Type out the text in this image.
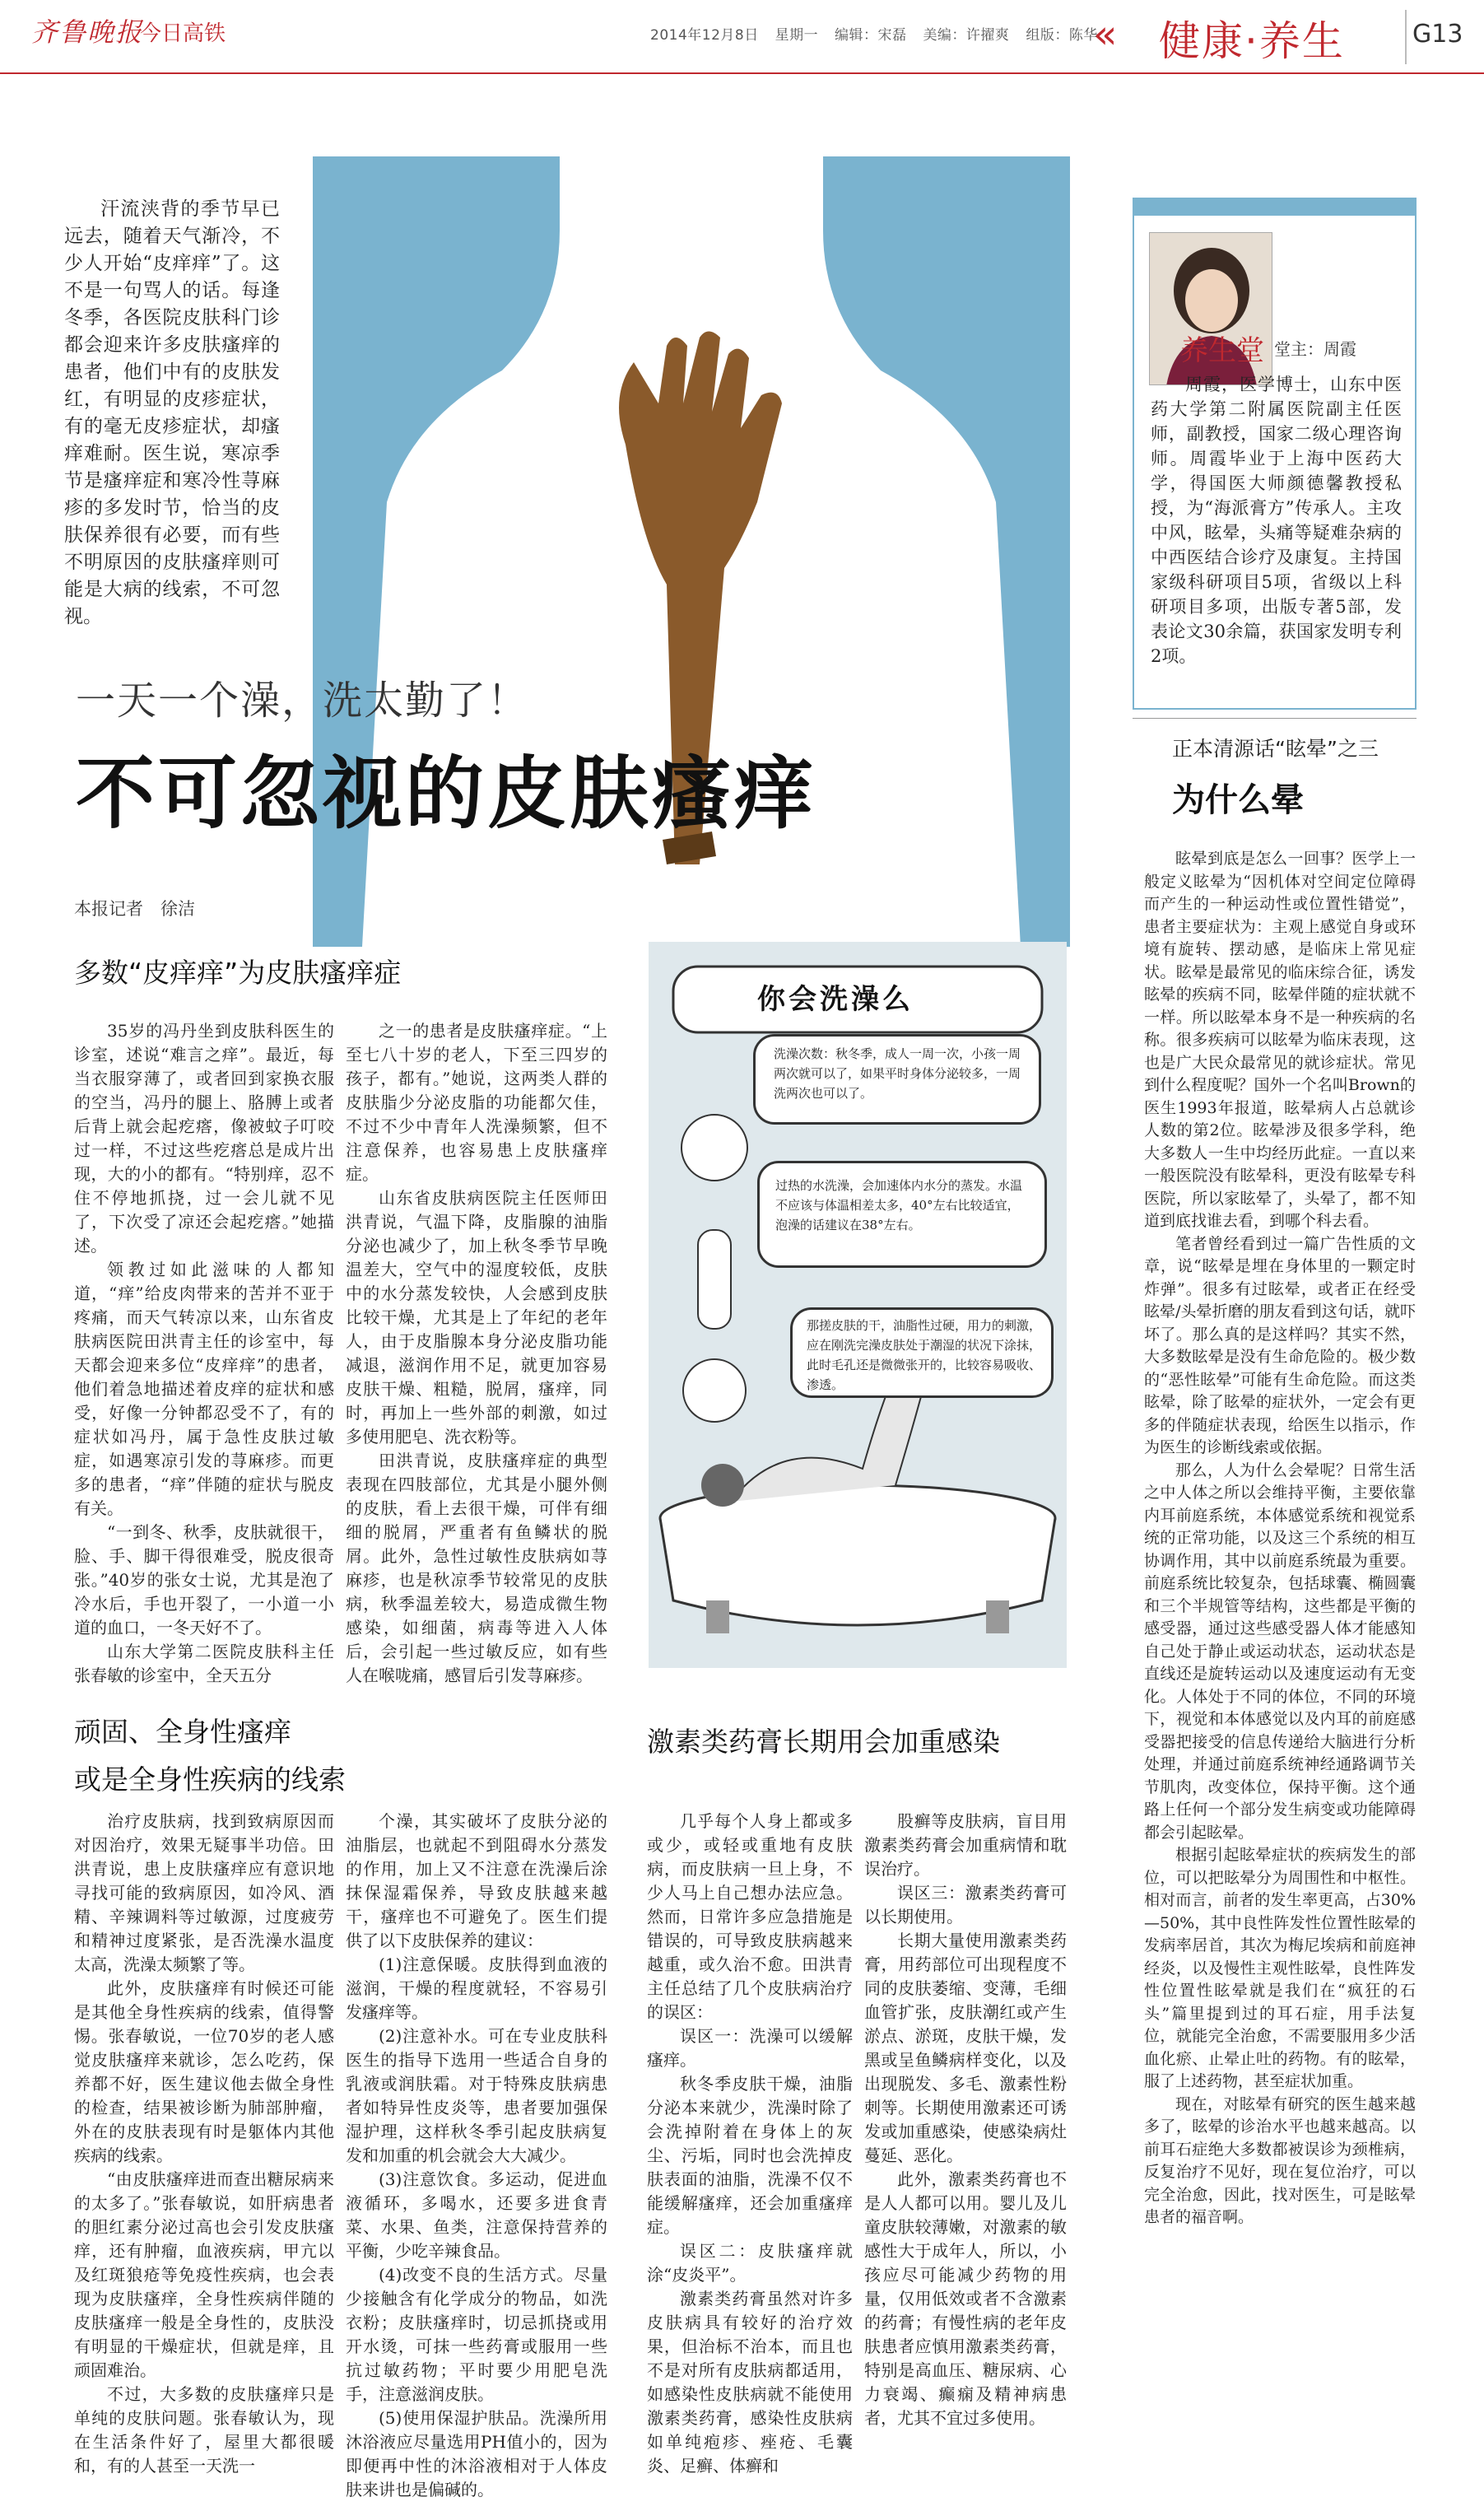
齐鲁晚报
今日高铁	2014年12月8日 星期一 编辑：宋磊 美编：许擢爽 组版：陈华
« 健康·养生	G13
汗流浃背的季节早已远去，随着天气渐冷，不少人开始“皮痒痒”了。这不是一句骂人的话。每逢冬季，各医院皮肤科门诊都会迎来许多皮肤瘙痒的患者，他们中有的皮肤发红，有明显的皮疹症状，有的毫无皮疹症状，却瘙痒难耐。医生说，寒凉季节是瘙痒症和寒冷性荨麻疹的多发时节，恰当的皮肤保养很有必要，而有些不明原因的皮肤瘙痒则可能是大病的线索，不可忽视。
一天一个澡，洗太勤了！
不可忽视的皮肤瘙痒
本报记者　徐洁
多数“皮痒痒”为皮肤瘙痒症

35岁的冯丹坐到皮肤科医生的诊室，述说“难言之痒”。最近，每当衣服穿薄了，或者回到家换衣服的空当，冯丹的腿上、胳膊上或者后背上就会起疙瘩，像被蚊子叮咬过一样，不过这些疙瘩总是成片出现，大的小的都有。“特别痒，忍不住不停地抓挠，过一会儿就不见了，下次受了凉还会起疙瘩。”她描述。

领教过如此滋味的人都知道，“痒”给皮肉带来的苦并不亚于疼痛，而天气转凉以来，山东省皮肤病医院田洪青主任的诊室中，每天都会迎来多位“皮痒痒”的患者，他们着急地描述着皮痒的症状和感受，好像一分钟都忍受不了，有的症状如冯丹，属于急性皮肤过敏症，如遇寒凉引发的荨麻疹。而更多的患者，“痒”伴随的症状与脱皮有关。

“一到冬、秋季，皮肤就很干，脸、手、脚干得很难受，脱皮很奇张。”40岁的张女士说，尤其是泡了冷水后，手也开裂了，一小道一小道的血口，一冬天好不了。

山东大学第二医院皮肤科主任张春敏的诊室中，全天五分

之一的患者是皮肤瘙痒症。“上至七八十岁的老人，下至三四岁的孩子，都有。”她说，这两类人群的皮肤脂少分泌皮脂的功能都欠佳，不过不少中青年人洗澡频繁，但不注意保养，也容易患上皮肤瘙痒症。

山东省皮肤病医院主任医师田洪青说，气温下降，皮脂腺的油脂分泌也减少了，加上秋冬季节早晚温差大，空气中的湿度较低，皮肤中的水分蒸发较快，人会感到皮肤比较干燥，尤其是上了年纪的老年人，由于皮脂腺本身分泌皮脂功能减退，滋润作用不足，就更加容易皮肤干燥、粗糙，脱屑，瘙痒，同时，再加上一些外部的刺激，如过多使用肥皂、洗衣粉等。

田洪青说，皮肤瘙痒症的典型表现在四肢部位，尤其是小腿外侧的皮肤，看上去很干燥，可伴有细细的脱屑，严重者有鱼鳞状的脱屑。此外，急性过敏性皮肤病如荨麻疹，也是秋凉季节较常见的皮肤病，秋季温差较大，易造成微生物感染，如细菌，病毒等进入人体后，会引起一些过敏反应，如有些人在喉咙痛，感冒后引发荨麻疹。

你会洗澡么
洗澡次数：秋冬季，成人一周一次，小孩一周两次就可以了，如果平时身体分泌较多，一周洗两次也可以了。
过热的水洗澡，会加速体内水分的蒸发。水温不应该与体温相差太多，40°左右比较适宜，泡澡的话建议在38°左右。
那搓皮肤的干，油脂性过硬，用力的刺激，应在刚洗完澡皮肤处于潮湿的状况下涂抹，此时毛孔还是微微张开的，比较容易吸收、渗透。
顽固、全身性瘙痒
或是全身性疾病的线索

治疗皮肤病，找到致病原因而对因治疗，效果无疑事半功倍。田洪青说，患上皮肤瘙痒应有意识地寻找可能的致病原因，如冷风、酒精、辛辣调料等过敏源，过度疲劳和精神过度紧张，是否洗澡水温度太高，洗澡太频繁了等。

此外，皮肤瘙痒有时候还可能是其他全身性疾病的线索，值得警惕。张春敏说，一位70岁的老人感觉皮肤瘙痒来就诊，怎么吃药，保养都不好，医生建议他去做全身性的检查，结果被诊断为肺部肿瘤，外在的皮肤表现有时是躯体内其他疾病的线索。

“由皮肤瘙痒进而查出糖尿病来的太多了。”张春敏说，如肝病患者的胆红素分泌过高也会引发皮肤瘙痒，还有肿瘤，血液疾病，甲亢以及红斑狼疮等免疫性疾病，也会表现为皮肤瘙痒，全身性疾病伴随的皮肤瘙痒一般是全身性的，皮肤没有明显的干燥症状，但就是痒，且顽固难治。

不过，大多数的皮肤瘙痒只是单纯的皮肤问题。张春敏认为，现在生活条件好了，屋里大都很暖和，有的人甚至一天洗一

个澡，其实破坏了皮肤分泌的油脂层，也就起不到阻碍水分蒸发的作用，加上又不注意在洗澡后涂抹保湿霜保养，导致皮肤越来越干，瘙痒也不可避免了。医生们提供了以下皮肤保养的建议：

(1)注意保暖。皮肤得到血液的滋润，干燥的程度就轻，不容易引发瘙痒等。

(2)注意补水。可在专业皮肤科医生的指导下选用一些适合自身的乳液或润肤霜。对于特殊皮肤病患者如特异性皮炎等，患者要加强保湿护理，这样秋冬季引起皮肤病复发和加重的机会就会大大减少。

(3)注意饮食。多运动，促进血液循环，多喝水，还要多进食青菜、水果、鱼类，注意保持营养的平衡，少吃辛辣食品。

(4)改变不良的生活方式。尽量少接触含有化学成分的物品，如洗衣粉；皮肤瘙痒时，切忌抓挠或用开水烫，可抹一些药膏或服用一些抗过敏药物；平时要少用肥皂洗手，注意滋润皮肤。

(5)使用保湿护肤品。洗澡所用沐浴液应尽量选用PH值小的，因为即便再中性的沐浴液相对于人体皮肤来讲也是偏碱的。

激素类药膏长期用会加重感染

几乎每个人身上都或多或少，或轻或重地有皮肤病，而皮肤病一旦上身，不少人马上自己想办法应急。然而，日常许多应急措施是错误的，可导致皮肤病越来越重，或久治不愈。田洪青主任总结了几个皮肤病治疗的误区：

误区一：洗澡可以缓解瘙痒。

秋冬季皮肤干燥，油脂分泌本来就少，洗澡时除了会洗掉附着在身体上的灰尘、污垢，同时也会洗掉皮肤表面的油脂，洗澡不仅不能缓解瘙痒，还会加重瘙痒症。

误区二：皮肤瘙痒就涂“皮炎平”。

激素类药膏虽然对许多皮肤病具有较好的治疗效果，但治标不治本，而且也不是对所有皮肤病都适用，如感染性皮肤病就不能使用激素类药膏，感染性皮肤病如单纯疱疹、痤疮、毛囊炎、足癣、体癣和

股癣等皮肤病，盲目用激素类药膏会加重病情和耽误治疗。

误区三：激素类药膏可以长期使用。

长期大量使用激素类药膏，用药部位可出现程度不同的皮肤萎缩、变薄，毛细血管扩张，皮肤潮红或产生淤点、淤斑，皮肤干燥，发黑或呈鱼鳞病样变化，以及出现脱发、多毛、激素性粉刺等。长期使用激素还可诱发或加重感染，使感染病灶蔓延、恶化。

此外，激素类药膏也不是人人都可以用。婴儿及儿童皮肤较薄嫩，对激素的敏感性大于成年人，所以，小孩应尽可能减少药物的用量，仅用低效或者不含激素的药膏；有慢性病的老年皮肤患者应慎用激素类药膏，特别是高血压、糖尿病、心力衰竭、癫痫及精神病患者，尤其不宜过多使用。

养生堂 堂主：周霞
周霞，医学博士，山东中医药大学第二附属医院副主任医师，副教授，国家二级心理咨询师。周霞毕业于上海中医药大学，得国医大师颜德馨教授私授，为“海派膏方”传承人。主攻中风，眩晕，头痛等疑难杂病的中西医结合诊疗及康复。主持国家级科研项目5项，省级以上科研项目多项，出版专著5部，发表论文30余篇，获国家发明专利2项。
正本清源话“眩晕”之三
为什么晕

眩晕到底是怎么一回事？医学上一般定义眩晕为“因机体对空间定位障碍而产生的一种运动性或位置性错觉”，患者主要症状为：主观上感觉自身或环境有旋转、摆动感，是临床上常见症状。眩晕是最常见的临床综合征，诱发眩晕的疾病不同，眩晕伴随的症状就不一样。所以眩晕本身不是一种疾病的名称。很多疾病可以眩晕为临床表现，这也是广大民众最常见的就诊症状。常见到什么程度呢？国外一个名叫Brown的医生1993年报道，眩晕病人占总就诊人数的第2位。眩晕涉及很多学科，绝大多数人一生中均经历此症。一直以来一般医院没有眩晕科，更没有眩晕专科医院，所以家眩晕了，头晕了，都不知道到底找谁去看，到哪个科去看。

笔者曾经看到过一篇广告性质的文章，说“眩晕是埋在身体里的一颗定时炸弹”。很多有过眩晕，或者正在经受眩晕/头晕折磨的朋友看到这句话，就吓坏了。那么真的是这样吗？其实不然，大多数眩晕是没有生命危险的。极少数的“恶性眩晕”可能有生命危险。而这类眩晕，除了眩晕的症状外，一定会有更多的伴随症状表现，给医生以指示，作为医生的诊断线索或依据。

那么，人为什么会晕呢？日常生活之中人体之所以会维持平衡，主要依靠内耳前庭系统，本体感觉系统和视觉系统的正常功能，以及这三个系统的相互协调作用，其中以前庭系统最为重要。前庭系统比较复杂，包括球囊、椭圆囊和三个半规管等结构，这些都是平衡的感受器，通过这些感受器人体才能感知自己处于静止或运动状态，运动状态是直线还是旋转运动以及速度运动有无变化。人体处于不同的体位，不同的环境下，视觉和本体感觉以及内耳的前庭感受器把接受的信息传递给大脑进行分析处理，并通过前庭系统神经通路调节关节肌肉，改变体位，保持平衡。这个通路上任何一个部分发生病变或功能障碍都会引起眩晕。

根据引起眩晕症状的疾病发生的部位，可以把眩晕分为周围性和中枢性。相对而言，前者的发生率更高，占30%—50%，其中良性阵发性位置性眩晕的发病率居首，其次为梅尼埃病和前庭神经炎，以及慢性主观性眩晕，良性阵发性位置性眩晕就是我们在“疯狂的石头”篇里提到过的耳石症，用手法复位，就能完全治愈，不需要服用多少活血化瘀、止晕止吐的药物。有的眩晕，服了上述药物，甚至症状加重。

现在，对眩晕有研究的医生越来越多了，眩晕的诊治水平也越来越高。以前耳石症绝大多数都被误诊为颈椎病，反复治疗不见好，现在复位治疗，可以完全治愈，因此，找对医生，可是眩晕患者的福音啊。
